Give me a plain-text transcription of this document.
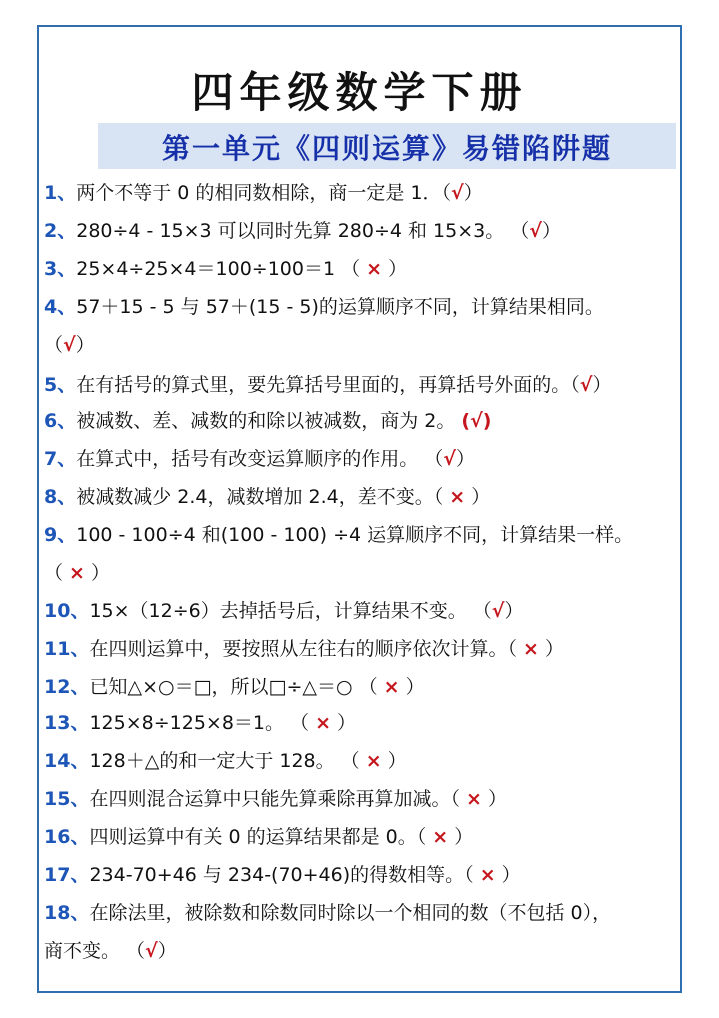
四年级数学下册
第一单元《四则运算》易错陷阱题
1、两个不等于 0 的相同数相除，商一定是 1．（√）
2、280÷4 - 15×3 可以同时先算 280÷4 和 15×3。 （√）
3、25×4÷25×4＝100÷100＝1 （ × ）
4、57＋15 - 5 与 57＋(15 - 5)的运算顺序不同，计算结果相同。
（√）
5、在有括号的算式里，要先算括号里面的，再算括号外面的。（√）
6、被减数、差、减数的和除以被减数，商为 2。 (√)
7、在算式中，括号有改变运算顺序的作用。 （√）
8、被减数减少 2.4，减数增加 2.4，差不变。（ × ）
9、100 - 100÷4 和(100 - 100) ÷4 运算顺序不同，计算结果一样。
（ × ）
10、15×（12÷6）去掉括号后，计算结果不变。 （√）
11、在四则运算中，要按照从左往右的顺序依次计算。（ × ）
12、已知△×○＝□，所以□÷△＝○ （ × ）
13、125×8÷125×8＝1。 （ × ）
14、128＋△的和一定大于 128。 （ × ）
15、在四则混合运算中只能先算乘除再算加减。（ × ）
16、四则运算中有关 0 的运算结果都是 0。（ × ）
17、234-70+46 与 234-(70+46)的得数相等。（ × ）
18、在除法里，被除数和除数同时除以一个相同的数（不包括 0），
商不变。 （√）
